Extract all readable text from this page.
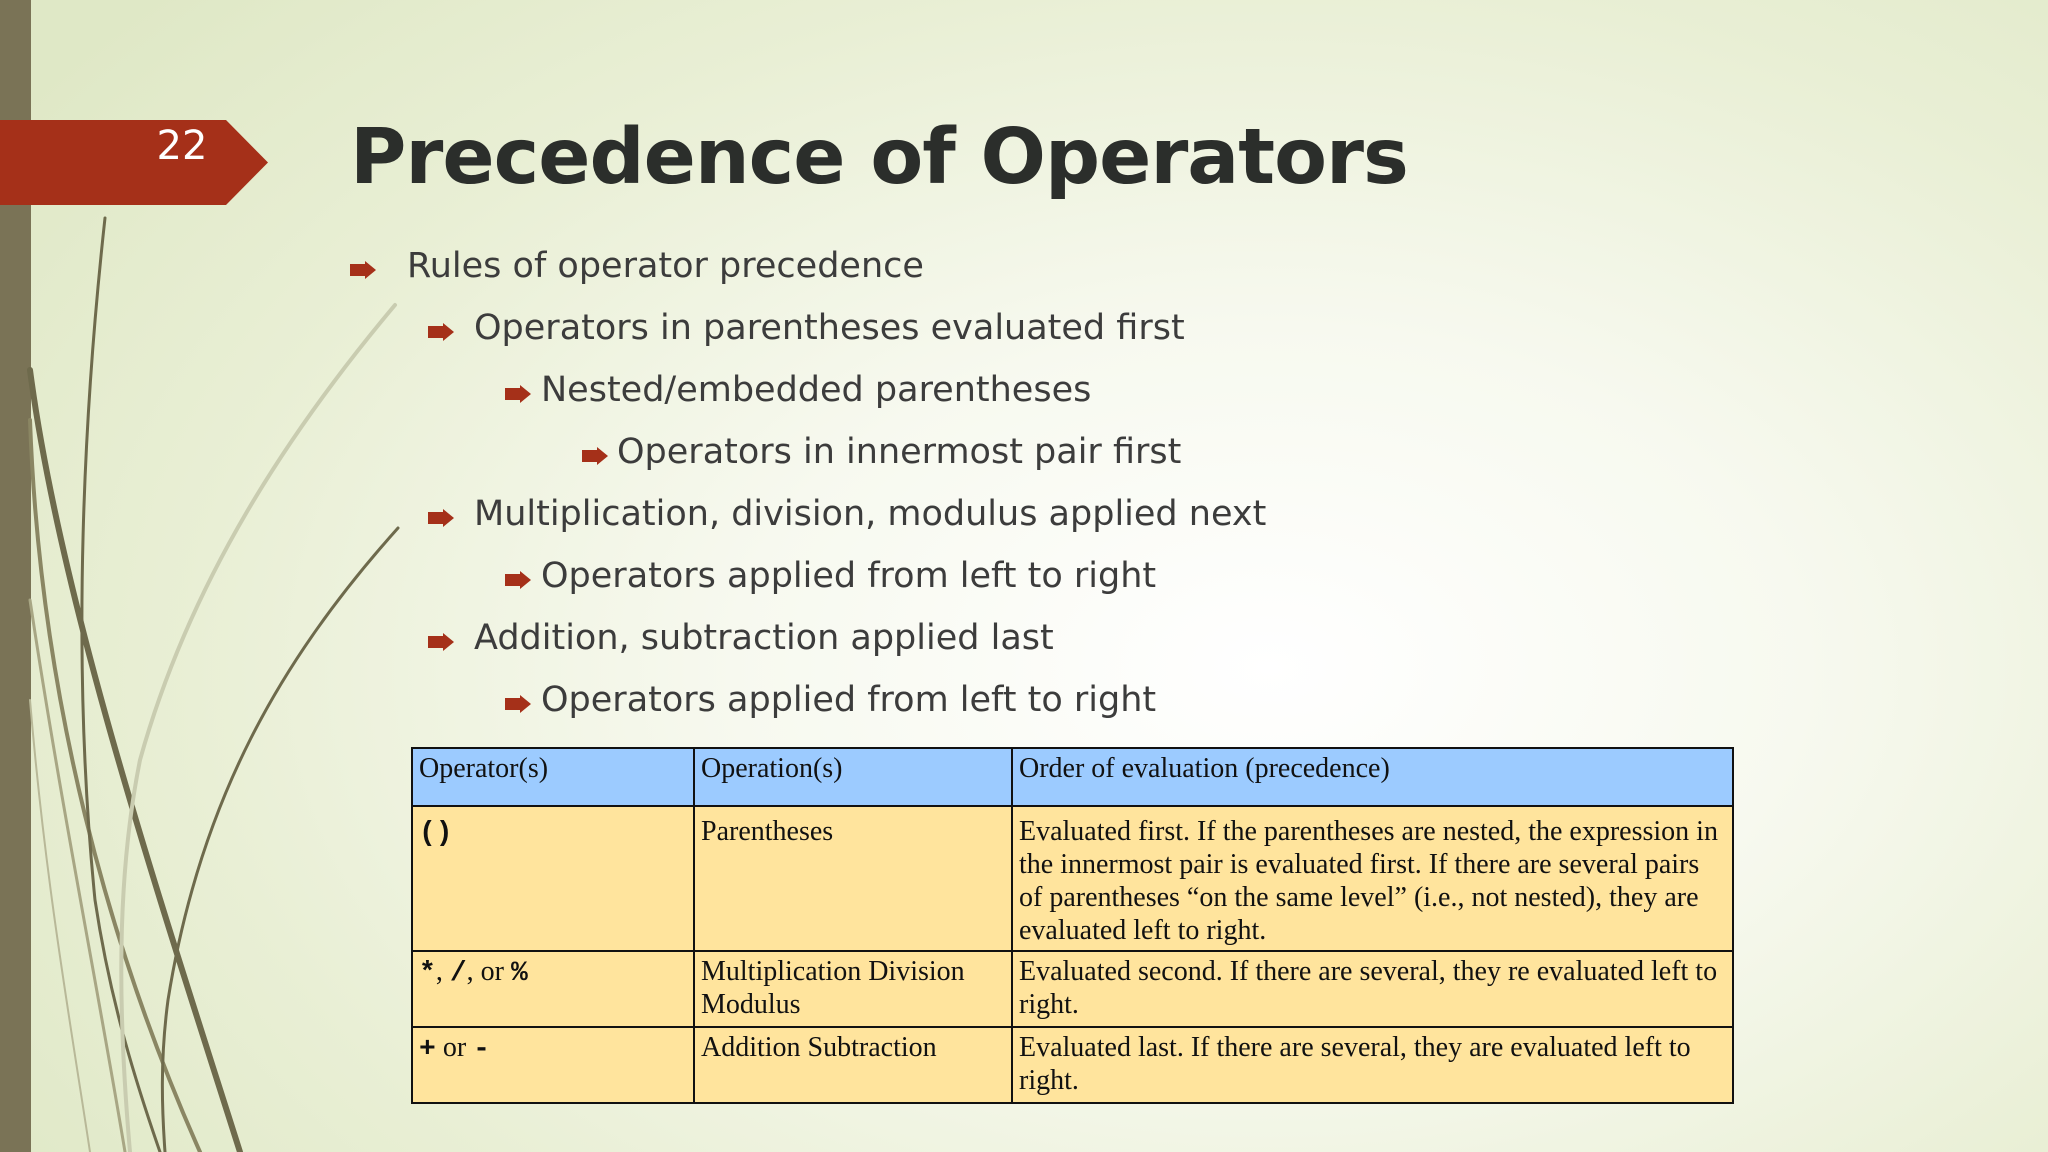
22 Precedence of Operators
Rules of operator precedence
Operators in parentheses evaluated first
Nested/embedded parentheses
Operators in innermost pair first
Multiplication, division, modulus applied next
Operators applied from left to right
Addition, subtraction applied last
Operators applied from left to right
Operator(s)	Operation(s)	Order of evaluation (precedence)
()	Parentheses	Evaluated first. If the parentheses are nested, the expression in the innermost pair is evaluated first. If there are several pairs of parentheses “on the same level” (i.e., not nested), they are evaluated left to right.
*, /, or %	Multiplication Division Modulus	Evaluated second. If there are several, they re evaluated left to right.
+ or -	Addition Subtraction	Evaluated last. If there are several, they are evaluated left to right.
